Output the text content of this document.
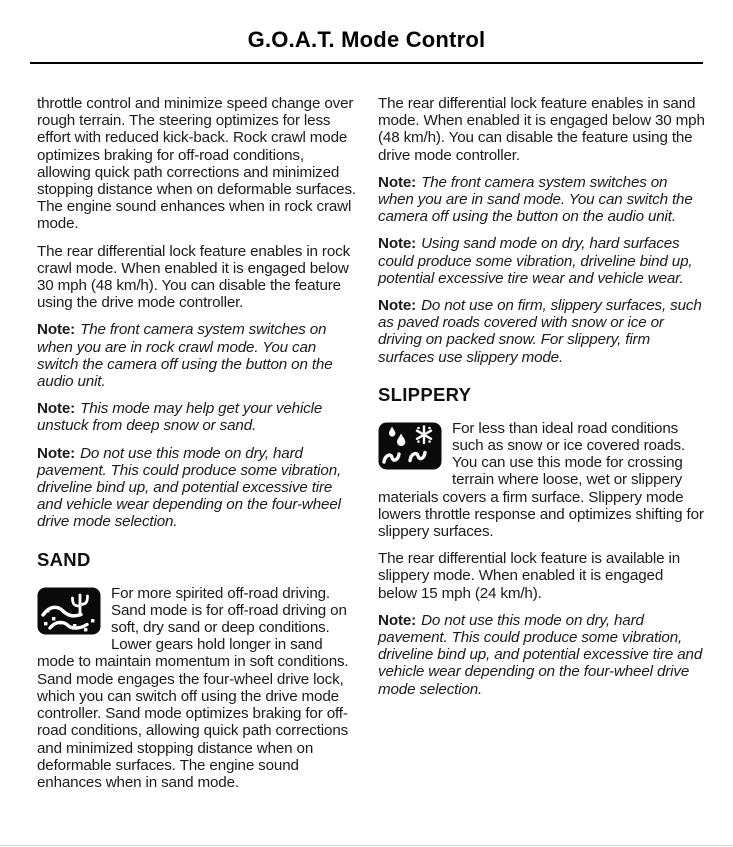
G.O.A.T. Mode Control

throttle control and minimize speed change over rough terrain. The steering optimizes for less effort with reduced kick-back. Rock crawl mode optimizes braking for off-road conditions, allowing quick path corrections and minimized stopping distance when on deformable surfaces. The engine sound enhances when in rock crawl mode.

The rear differential lock feature enables in rock crawl mode. When enabled it is engaged below 30 mph (48 km/h). You can disable the feature using the drive mode controller.

Note: The front camera system switches on when you are in rock crawl mode. You can switch the camera off using the button on the audio unit.

Note: This mode may help get your vehicle unstuck from deep snow or sand.

Note: Do not use this mode on dry, hard pavement. This could produce some vibration, driveline bind up, and potential excessive tire and vehicle wear depending on the four-wheel drive mode selection.

SAND
For more spirited off-road driving. Sand mode is for off-road driving on soft, dry sand or deep conditions. Lower gears hold longer in sand mode to maintain momentum in soft conditions. Sand mode engages the four-wheel drive lock, which you can switch off using the drive mode controller. Sand mode optimizes braking for off-road conditions, allowing quick path corrections and minimized stopping distance when on deformable surfaces. The engine sound enhances when in sand mode.

The rear differential lock feature enables in sand mode. When enabled it is engaged below 30 mph (48 km/h). You can disable the feature using the drive mode controller.

Note: The front camera system switches on when you are in sand mode. You can switch the camera off using the button on the audio unit.

Note: Using sand mode on dry, hard surfaces could produce some vibration, driveline bind up, potential excessive tire wear and vehicle wear.

Note: Do not use on firm, slippery surfaces, such as paved roads covered with snow or ice or driving on packed snow. For slippery, firm surfaces use slippery mode.

SLIPPERY
For less than ideal road conditions such as snow or ice covered roads. You can use this mode for crossing terrain where loose, wet or slippery materials covers a firm surface. Slippery mode lowers throttle response and optimizes shifting for slippery surfaces.

The rear differential lock feature is available in slippery mode. When enabled it is engaged below 15 mph (24 km/h).

Note: Do not use this mode on dry, hard pavement. This could produce some vibration, driveline bind up, and potential excessive tire and vehicle wear depending on the four-wheel drive mode selection.
